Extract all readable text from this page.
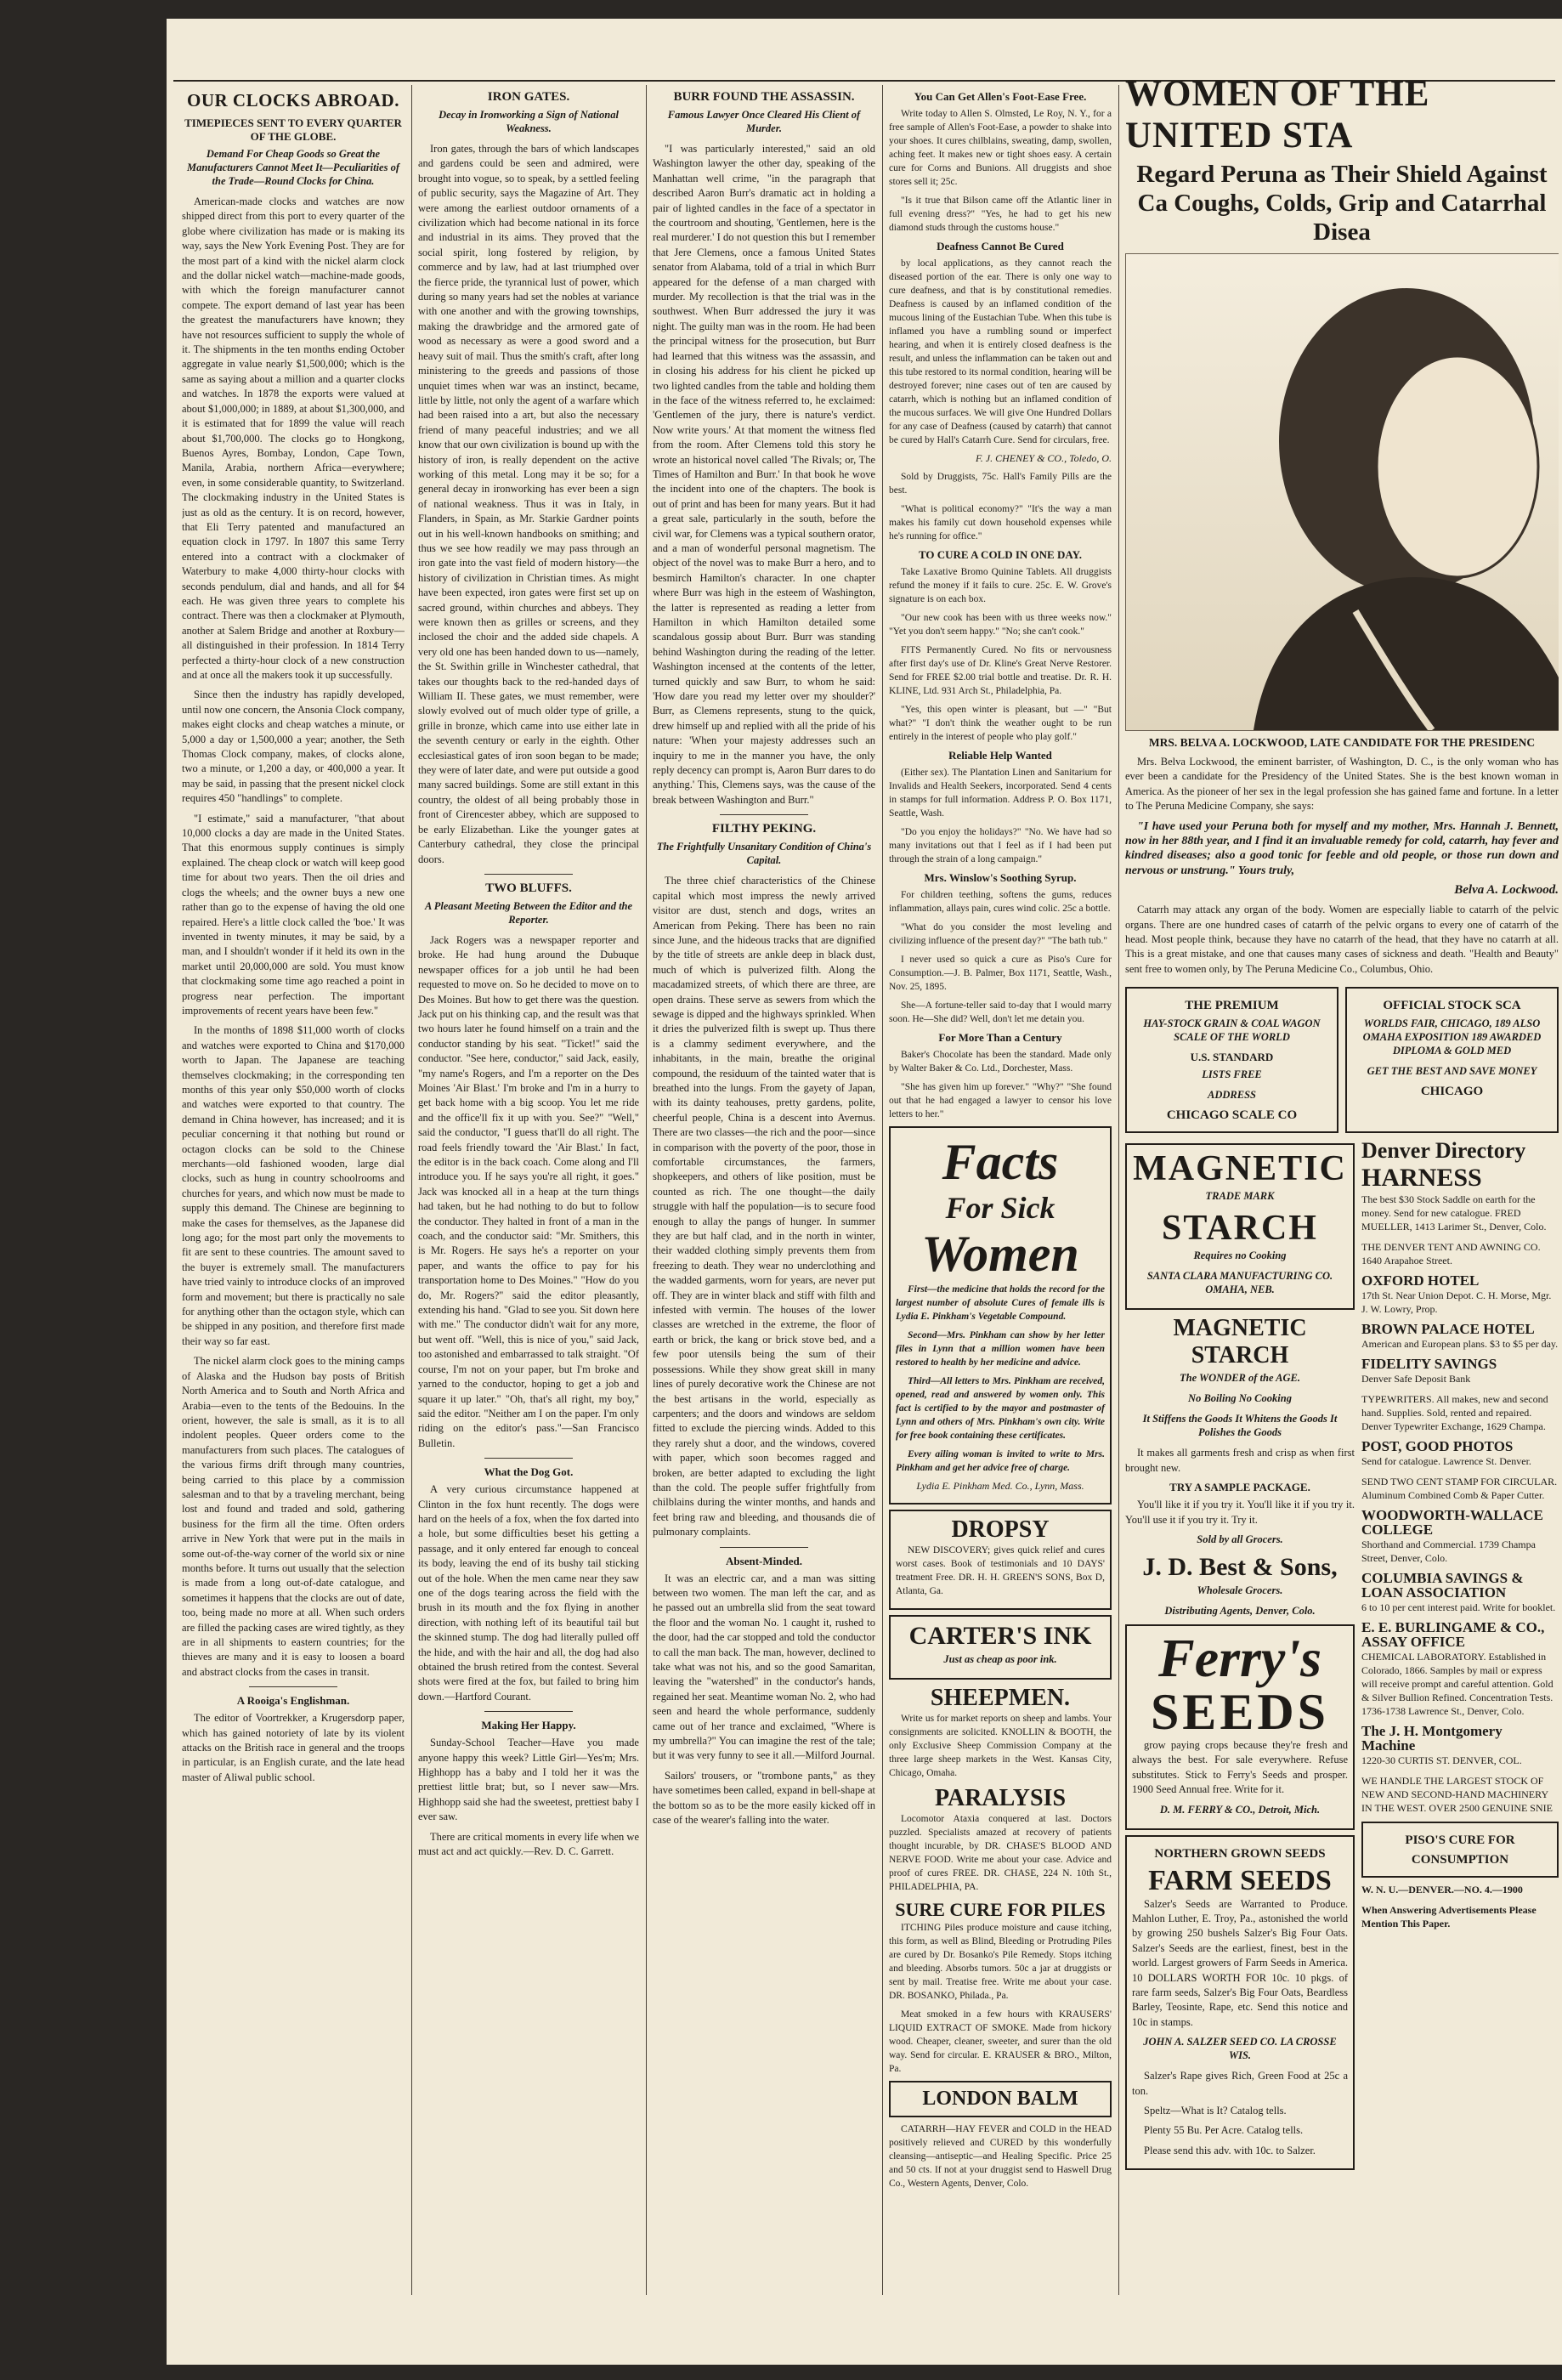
OUR CLOCKS ABROAD.
TIMEPIECES SENT TO EVERY QUARTER OF THE GLOBE.
Demand For Cheap Goods so Great the Manufacturers Cannot Meet It—Peculiarities of the Trade—Round Clocks for China.

American-made clocks and watches are now shipped direct from this port to every quarter of the globe where civilization has made or is making its way, says the New York Evening Post. They are for the most part of a kind with the nickel alarm clock and the dollar nickel watch—machine-made goods, with which the foreign manufacturer cannot compete. The export demand of last year has been the greatest the manufacturers have known; they have not resources sufficient to supply the whole of it. The shipments in the ten months ending October aggregate in value nearly $1,500,000; which is the same as saying about a million and a quarter clocks and watches. In 1878 the exports were valued at about $1,000,000; in 1889, at about $1,300,000, and it is estimated that for 1899 the value will reach about $1,700,000. The clocks go to Hongkong, Buenos Ayres, Bombay, London, Cape Town, Manila, Arabia, northern Africa—everywhere; even, in some considerable quantity, to Switzerland. The clockmaking industry in the United States is just as old as the century. It is on record, however, that Eli Terry patented and manufactured an equation clock in 1797. In 1807 this same Terry entered into a contract with a clockmaker of Waterbury to make 4,000 thirty-hour clocks with seconds pendulum, dial and hands, and all for $4 each. He was given three years to complete his contract. There was then a clockmaker at Plymouth, another at Salem Bridge and another at Roxbury—all distinguished in their profession. In 1814 Terry perfected a thirty-hour clock of a new construction and at once all the makers took it up successfully.

Since then the industry has rapidly developed, until now one concern, the Ansonia Clock company, makes eight clocks and cheap watches a minute, or 5,000 a day or 1,500,000 a year; another, the Seth Thomas Clock company, makes, of clocks alone, two a minute, or 1,200 a day, or 400,000 a year. It may be said, in passing that the present nickel clock requires 450 "handlings" to complete.

"I estimate," said a manufacturer, "that about 10,000 clocks a day are made in the United States. That this enormous supply continues is simply explained. The cheap clock or watch will keep good time for about two years. Then the oil dries and clogs the wheels; and the owner buys a new one rather than go to the expense of having the old one repaired. Here's a little clock called the 'boe.' It was invented in twenty minutes, it may be said, by a man, and I shouldn't wonder if it held its own in the market until 20,000,000 are sold. You must know that clockmaking some time ago reached a point in progress near perfection. The important improvements of recent years have been few."

In the months of 1898 $11,000 worth of clocks and watches were exported to China and $170,000 worth to Japan. The Japanese are teaching themselves clockmaking; in the corresponding ten months of this year only $50,000 worth of clocks and watches were exported to that country. The demand in China however, has increased; and it is peculiar concerning it that nothing but round or octagon clocks can be sold to the Chinese merchants—old fashioned wooden, large dial clocks, such as hung in country schoolrooms and churches for years, and which now must be made to supply this demand. The Chinese are beginning to make the cases for themselves, as the Japanese did long ago; for the most part only the movements to fit are sent to these countries. The amount saved to the buyer is extremely small. The manufacturers have tried vainly to introduce clocks of an improved form and movement; but there is practically no sale for anything other than the octagon style, which can be shipped in any position, and therefore first made their way so far east.

The nickel alarm clock goes to the mining camps of Alaska and the Hudson bay posts of British North America and to South and North Africa and Arabia—even to the tents of the Bedouins. In the orient, however, the sale is small, as it is to all indolent peoples. Queer orders come to the manufacturers from such places. The catalogues of the various firms drift through many countries, being carried to this place by a commission salesman and to that by a traveling merchant, being lost and found and traded and sold, gathering business for the firm all the time. Often orders arrive in New York that were put in the mails in some out-of-the-way corner of the world six or nine months before. It turns out usually that the selection is made from a long out-of-date catalogue, and sometimes it happens that the clocks are out of date, too, being made no more at all. When such orders are filled the packing cases are wired tightly, as they are in all shipments to eastern countries; for the thieves are many and it is easy to loosen a board and abstract clocks from the cases in transit.

A Rooiga's Englishman.

The editor of Voortrekker, a Krugersdorp paper, which has gained notoriety of late by its violent attacks on the British race in general and the troops in particular, is an English curate, and the late head master of Aliwal public school.

IRON GATES.
Decay in Ironworking a Sign of National Weakness.

Iron gates, through the bars of which landscapes and gardens could be seen and admired, were brought into vogue, so to speak, by a settled feeling of public security, says the Magazine of Art. They were among the earliest outdoor ornaments of a civilization which had become national in its force and industrial in its aims. They proved that the social spirit, long fostered by religion, by commerce and by law, had at last triumphed over the fierce pride, the tyrannical lust of power, which during so many years had set the nobles at variance with one another and with the growing townships, making the drawbridge and the armored gate of wood as necessary as were a good sword and a heavy suit of mail. Thus the smith's craft, after long ministering to the greeds and passions of those unquiet times when war was an instinct, became, little by little, not only the agent of a warfare which had been raised into a art, but also the necessary friend of many peaceful industries; and we all know that our own civilization is bound up with the history of iron, is really dependent on the active working of this metal. Long may it be so; for a general decay in ironworking has ever been a sign of national weakness. Thus it was in Italy, in Flanders, in Spain, as Mr. Starkie Gardner points out in his well-known handbooks on smithing; and thus we see how readily we may pass through an iron gate into the vast field of modern history—the history of civilization in Christian times. As might have been expected, iron gates were first set up on sacred ground, within churches and abbeys. They were known then as grilles or screens, and they inclosed the choir and the added side chapels. A very old one has been handed down to us—namely, the St. Swithin grille in Winchester cathedral, that takes our thoughts back to the red-handed days of William II. These gates, we must remember, were slowly evolved out of much older type of grille, a grille in bronze, which came into use either late in the seventh century or early in the eighth. Other ecclesiastical gates of iron soon began to be made; they were of later date, and were put outside a good many sacred buildings. Some are still extant in this country, the oldest of all being probably those in front of Cirencester abbey, which are supposed to be early Elizabethan. Like the younger gates at Canterbury cathedral, they close the principal doors.

TWO BLUFFS.
A Pleasant Meeting Between the Editor and the Reporter.

Jack Rogers was a newspaper reporter and broke. He had hung around the Dubuque newspaper offices for a job until he had been requested to move on. So he decided to move on to Des Moines. But how to get there was the question. Jack put on his thinking cap, and the result was that two hours later he found himself on a train and the conductor standing by his seat. "Ticket!" said the conductor. "See here, conductor," said Jack, easily, "my name's Rogers, and I'm a reporter on the Des Moines 'Air Blast.' I'm broke and I'm in a hurry to get back home with a big scoop. You let me ride and the office'll fix it up with you. See?" "Well," said the conductor, "I guess that'll do all right. The road feels friendly toward the 'Air Blast.' In fact, the editor is in the back coach. Come along and I'll introduce you. If he says you're all right, it goes." Jack was knocked all in a heap at the turn things had taken, but he had nothing to do but to follow the conductor. They halted in front of a man in the coach, and the conductor said: "Mr. Smithers, this is Mr. Rogers. He says he's a reporter on your paper, and wants the office to pay for his transportation home to Des Moines." "How do you do, Mr. Rogers?" said the editor pleasantly, extending his hand. "Glad to see you. Sit down here with me." The conductor didn't wait for any more, but went off. "Well, this is nice of you," said Jack, too astonished and embarrassed to talk straight. "Of course, I'm not on your paper, but I'm broke and yarned to the conductor, hoping to get a job and square it up later." "Oh, that's all right, my boy," said the editor. "Neither am I on the paper. I'm only riding on the editor's pass."—San Francisco Bulletin.

What the Dog Got.

A very curious circumstance happened at Clinton in the fox hunt recently. The dogs were hard on the heels of a fox, when the fox darted into a hole, but some difficulties beset his getting a passage, and it only entered far enough to conceal its body, leaving the end of its bushy tail sticking out of the hole. When the men came near they saw one of the dogs tearing across the field with the brush in its mouth and the fox flying in another direction, with nothing left of its beautiful tail but the skinned stump. The dog had literally pulled off the hide, and with the hair and all, the dog had also obtained the brush retired from the contest. Several shots were fired at the fox, but failed to bring him down.—Hartford Courant.

Making Her Happy.

Sunday-School Teacher—Have you made anyone happy this week? Little Girl—Yes'm; Mrs. Highhopp has a baby and I told her it was the prettiest little brat; but, so I never saw—Mrs. Highhopp said she had the sweetest, prettiest baby I ever saw.

There are critical moments in every life when we must act and act quickly.—Rev. D. C. Garrett.

BURR FOUND THE ASSASSIN.
Famous Lawyer Once Cleared His Client of Murder.

"I was particularly interested," said an old Washington lawyer the other day, speaking of the Manhattan well crime, "in the paragraph that described Aaron Burr's dramatic act in holding a pair of lighted candles in the face of a spectator in the courtroom and shouting, 'Gentlemen, here is the real murderer.' I do not question this but I remember that Jere Clemens, once a famous United States senator from Alabama, told of a trial in which Burr appeared for the defense of a man charged with murder. My recollection is that the trial was in the southwest. When Burr addressed the jury it was night. The guilty man was in the room. He had been the principal witness for the prosecution, but Burr had learned that this witness was the assassin, and in closing his address for his client he picked up two lighted candles from the table and holding them in the face of the witness referred to, he exclaimed: 'Gentlemen of the jury, there is nature's verdict. Now write yours.' At that moment the witness fled from the room. After Clemens told this story he wrote an historical novel called 'The Rivals; or, The Times of Hamilton and Burr.' In that book he wove the incident into one of the chapters. The book is out of print and has been for many years. But it had a great sale, particularly in the south, before the civil war, for Clemens was a typical southern orator, and a man of wonderful personal magnetism. The object of the novel was to make Burr a hero, and to besmirch Hamilton's character. In one chapter where Burr was high in the esteem of Washington, the latter is represented as reading a letter from Hamilton in which Hamilton detailed some scandalous gossip about Burr. Burr was standing behind Washington during the reading of the letter. Washington incensed at the contents of the letter, turned quickly and saw Burr, to whom he said: 'How dare you read my letter over my shoulder?' Burr, as Clemens represents, stung to the quick, drew himself up and replied with all the pride of his nature: 'When your majesty addresses such an inquiry to me in the manner you have, the only reply decency can prompt is, Aaron Burr dares to do anything.' This, Clemens says, was the cause of the break between Washington and Burr."

FILTHY PEKING.
The Frightfully Unsanitary Condition of China's Capital.

The three chief characteristics of the Chinese capital which most impress the newly arrived visitor are dust, stench and dogs, writes an American from Peking. There has been no rain since June, and the hideous tracks that are dignified by the title of streets are ankle deep in black dust, much of which is pulverized filth. Along the macadamized streets, of which there are three, are open drains. These serve as sewers from which the sewage is dipped and the highways sprinkled. When it dries the pulverized filth is swept up. Thus there is a clammy sediment everywhere, and the inhabitants, in the main, breathe the original compound, the residuum of the tainted water that is breathed into the lungs. From the gayety of Japan, with its dainty teahouses, pretty gardens, polite, cheerful people, China is a descent into Avernus. There are two classes—the rich and the poor—since in comparison with the poverty of the poor, those in comfortable circumstances, the farmers, shopkeepers, and others of like position, must be counted as rich. The one thought—the daily struggle with half the population—is to secure food enough to allay the pangs of hunger. In summer they are but half clad, and in the north in winter, their wadded clothing simply prevents them from freezing to death. They wear no underclothing and the wadded garments, worn for years, are never put off. They are in winter black and stiff with filth and infested with vermin. The houses of the lower classes are wretched in the extreme, the floor of earth or brick, the kang or brick stove bed, and a few poor utensils being the sum of their possessions. While they show great skill in many lines of purely decorative work the Chinese are not the best artisans in the world, especially as carpenters; and the doors and windows are seldom fitted to exclude the piercing winds. Added to this they rarely shut a door, and the windows, covered with paper, which soon becomes ragged and broken, are better adapted to excluding the light than the cold. The people suffer frightfully from chilblains during the winter months, and hands and feet bring raw and bleeding, and thousands die of pulmonary complaints.

Absent-Minded.

It was an electric car, and a man was sitting between two women. The man left the car, and as he passed out an umbrella slid from the seat toward the floor and the woman No. 1 caught it, rushed to the door, had the car stopped and told the conductor to call the man back. The man, however, declined to take what was not his, and so the good Samaritan, leaving the "watershed" in the conductor's hands, regained her seat. Meantime woman No. 2, who had seen and heard the whole performance, suddenly came out of her trance and exclaimed, "Where is my umbrella?" You can imagine the rest of the tale; but it was very funny to see it all.—Milford Journal.

Sailors' trousers, or "trombone pants," as they have sometimes been called, expand in bell-shape at the bottom so as to be the more easily kicked off in case of the wearer's falling into the water.

You Can Get Allen's Foot-Ease Free.

Write today to Allen S. Olmsted, Le Roy, N. Y., for a free sample of Allen's Foot-Ease, a powder to shake into your shoes. It cures chilblains, sweating, damp, swollen, aching feet. It makes new or tight shoes easy. A certain cure for Corns and Bunions. All druggists and shoe stores sell it; 25c.

"Is it true that Bilson came off the Atlantic liner in full evening dress?" "Yes, he had to get his new diamond studs through the customs house."

Deafness Cannot Be Cured

by local applications, as they cannot reach the diseased portion of the ear. There is only one way to cure deafness, and that is by constitutional remedies. Deafness is caused by an inflamed condition of the mucous lining of the Eustachian Tube. When this tube is inflamed you have a rumbling sound or imperfect hearing, and when it is entirely closed deafness is the result, and unless the inflammation can be taken out and this tube restored to its normal condition, hearing will be destroyed forever; nine cases out of ten are caused by catarrh, which is nothing but an inflamed condition of the mucous surfaces. We will give One Hundred Dollars for any case of Deafness (caused by catarrh) that cannot be cured by Hall's Catarrh Cure. Send for circulars, free.

F. J. CHENEY & CO., Toledo, O.

Sold by Druggists, 75c. Hall's Family Pills are the best.

"What is political economy?" "It's the way a man makes his family cut down household expenses while he's running for office."

TO CURE A COLD IN ONE DAY.

Take Laxative Bromo Quinine Tablets. All druggists refund the money if it fails to cure. 25c. E. W. Grove's signature is on each box.

"Our new cook has been with us three weeks now." "Yet you don't seem happy." "No; she can't cook."

FITS Permanently Cured. No fits or nervousness after first day's use of Dr. Kline's Great Nerve Restorer. Send for FREE $2.00 trial bottle and treatise. Dr. R. H. KLINE, Ltd. 931 Arch St., Philadelphia, Pa.

"Yes, this open winter is pleasant, but —" "But what?" "I don't think the weather ought to be run entirely in the interest of people who play golf."

Reliable Help Wanted

(Either sex). The Plantation Linen and Sanitarium for Invalids and Health Seekers, incorporated. Send 4 cents in stamps for full information. Address P. O. Box 1171, Seattle, Wash.

"Do you enjoy the holidays?" "No. We have had so many invitations out that I feel as if I had been put through the strain of a long campaign."

Mrs. Winslow's Soothing Syrup.

For children teething, softens the gums, reduces inflammation, allays pain, cures wind colic. 25c a bottle.

"What do you consider the most leveling and civilizing influence of the present day?" "The bath tub."

I never used so quick a cure as Piso's Cure for Consumption.—J. B. Palmer, Box 1171, Seattle, Wash., Nov. 25, 1895.

She—A fortune-teller said to-day that I would marry soon. He—She did? Well, don't let me detain you.

For More Than a Century

Baker's Chocolate has been the standard. Made only by Walter Baker & Co. Ltd., Dorchester, Mass.

"She has given him up forever." "Why?" "She found out that he had engaged a lawyer to censor his love letters to her."

Facts
For Sick
Women

First—the medicine that holds the record for the largest number of absolute Cures of female ills is Lydia E. Pinkham's Vegetable Compound.

Second—Mrs. Pinkham can show by her letter files in Lynn that a million women have been restored to health by her medicine and advice.

Third—All letters to Mrs. Pinkham are received, opened, read and answered by women only. This fact is certified to by the mayor and postmaster of Lynn and others of Mrs. Pinkham's own city. Write for free book containing these certificates.

Every ailing woman is invited to write to Mrs. Pinkham and get her advice free of charge.

Lydia E. Pinkham Med. Co., Lynn, Mass.
DROPSY

NEW DISCOVERY; gives quick relief and cures worst cases. Book of testimonials and 10 DAYS' treatment Free. DR. H. H. GREEN'S SONS, Box D, Atlanta, Ga.

CARTER'S INK
Just as cheap as poor ink.
SHEEPMEN.

Write us for market reports on sheep and lambs. Your consignments are solicited. KNOLLIN & BOOTH, the only Exclusive Sheep Commission Company at the three large sheep markets in the West. Kansas City, Chicago, Omaha.

PARALYSIS

Locomotor Ataxia conquered at last. Doctors puzzled. Specialists amazed at recovery of patients thought incurable, by DR. CHASE'S BLOOD AND NERVE FOOD. Write me about your case. Advice and proof of cures FREE. DR. CHASE, 224 N. 10th St., PHILADELPHIA, PA.

SURE CURE FOR PILES

ITCHING Piles produce moisture and cause itching, this form, as well as Blind, Bleeding or Protruding Piles are cured by Dr. Bosanko's Pile Remedy. Stops itching and bleeding. Absorbs tumors. 50c a jar at druggists or sent by mail. Treatise free. Write me about your case. DR. BOSANKO, Philada., Pa.

Meat smoked in a few hours with KRAUSERS' LIQUID EXTRACT OF SMOKE. Made from hickory wood. Cheaper, cleaner, sweeter, and surer than the old way. Send for circular. E. KRAUSER & BRO., Milton, Pa.

LONDON BALM

CATARRH—HAY FEVER and COLD in the HEAD positively relieved and CURED by this wonderfully cleansing—antiseptic—and Healing Specific. Price 25 and 50 cts. If not at your druggist send to Haswell Drug Co., Western Agents, Denver, Colo.

WOMEN OF THE UNITED STA
Regard Peruna as Their Shield Against Ca Coughs, Colds, Grip and Catarrhal Disea
MRS. BELVA A. LOCKWOOD, LATE CANDIDATE FOR THE PRESIDENC

Mrs. Belva Lockwood, the eminent barrister, of Washington, D. C., is the only woman who has ever been a candidate for the Presidency of the United States. She is the best known woman in America. As the pioneer of her sex in the legal profession she has gained fame and fortune. In a letter to The Peruna Medicine Company, she says:

"I have used your Peruna both for myself and my mother, Mrs. Hannah J. Bennett, now in her 88th year, and I find it an invaluable remedy for cold, catarrh, hay fever and kindred diseases; also a good tonic for feeble and old people, or those run down and nervous or unstrung." Yours truly,

Belva A. Lockwood.

Catarrh may attack any organ of the body. Women are especially liable to catarrh of the pelvic organs. There are one hundred cases of catarrh of the pelvic organs to every one of catarrh of the head. Most people think, because they have no catarrh of the head, that they have no catarrh at all. This is a great mistake, and one that causes many cases of sickness and death. "Health and Beauty" sent free to women only, by The Peruna Medicine Co., Columbus, Ohio.

THE PREMIUM
HAY-STOCK GRAIN & COAL WAGON SCALE OF THE WORLD
U.S. STANDARD
LISTS FREE
ADDRESS
CHICAGO SCALE CO
OFFICIAL STOCK SCA
WORLDS FAIR, CHICAGO, 189 ALSO OMAHA EXPOSITION 189 AWARDED DIPLOMA & GOLD MED
GET THE BEST AND SAVE MONEY
CHICAGO
MAGNETIC
TRADE MARK
STARCH
Requires no Cooking
SANTA CLARA MANUFACTURING CO. OMAHA, NEB.
MAGNETIC STARCH
The WONDER of the AGE.
No Boiling No Cooking
It Stiffens the Goods It Whitens the Goods It Polishes the Goods

It makes all garments fresh and crisp as when first brought new.

TRY A SAMPLE PACKAGE.

You'll like it if you try it. You'll like it if you try it. You'll use it if you try it. Try it.

Sold by all Grocers.
J. D. Best & Sons,
Wholesale Grocers.
Distributing Agents, Denver, Colo.
Ferry's
SEEDS

grow paying crops because they're fresh and always the best. For sale everywhere. Refuse substitutes. Stick to Ferry's Seeds and prosper. 1900 Seed Annual free. Write for it.

D. M. FERRY & CO., Detroit, Mich.
NORTHERN GROWN SEEDS
FARM SEEDS

Salzer's Seeds are Warranted to Produce. Mahlon Luther, E. Troy, Pa., astonished the world by growing 250 bushels Salzer's Big Four Oats. Salzer's Seeds are the earliest, finest, best in the world. Largest growers of Farm Seeds in America. 10 DOLLARS WORTH FOR 10c. 10 pkgs. of rare farm seeds, Salzer's Big Four Oats, Beardless Barley, Teosinte, Rape, etc. Send this notice and 10c in stamps.

JOHN A. SALZER SEED CO. LA CROSSE WIS.

Salzer's Rape gives Rich, Green Food at 25c a ton.

Speltz—What is It? Catalog tells.

Plenty 55 Bu. Per Acre. Catalog tells.

Please send this adv. with 10c. to Salzer.

Denver Directory
HARNESS
The best $30 Stock Saddle on earth for the money. Send for new catalogue. FRED MUELLER, 1413 Larimer St., Denver, Colo.
THE DENVER TENT AND AWNING CO. 1640 Arapahoe Street.
OXFORD HOTEL
17th St. Near Union Depot. C. H. Morse, Mgr. J. W. Lowry, Prop.
BROWN PALACE HOTEL
American and European plans. $3 to $5 per day.
FIDELITY SAVINGS
Denver Safe Deposit Bank
TYPEWRITERS. All makes, new and second hand. Supplies. Sold, rented and repaired. Denver Typewriter Exchange, 1629 Champa.
POST, GOOD PHOTOS
Send for catalogue. Lawrence St. Denver.
SEND TWO CENT STAMP FOR CIRCULAR. Aluminum Combined Comb & Paper Cutter.
WOODWORTH-WALLACE COLLEGE
Shorthand and Commercial. 1739 Champa Street, Denver, Colo.
COLUMBIA SAVINGS & LOAN ASSOCIATION
6 to 10 per cent interest paid. Write for booklet.
E. E. BURLINGAME & CO.,
ASSAY OFFICE
CHEMICAL LABORATORY. Established in Colorado, 1866. Samples by mail or express will receive prompt and careful attention. Gold & Silver Bullion Refined. Concentration Tests. 1736-1738 Lawrence St., Denver, Colo.
The J. H. Montgomery Machine
1220-30 CURTIS ST. DENVER, COL.
WE HANDLE THE LARGEST STOCK OF NEW AND SECOND-HAND MACHINERY IN THE WEST. OVER 2500 GENUINE SNIE
PISO'S CURE FOR
CONSUMPTION
W. N. U.—DENVER.—NO. 4.—1900
When Answering Advertisements Please Mention This Paper.
